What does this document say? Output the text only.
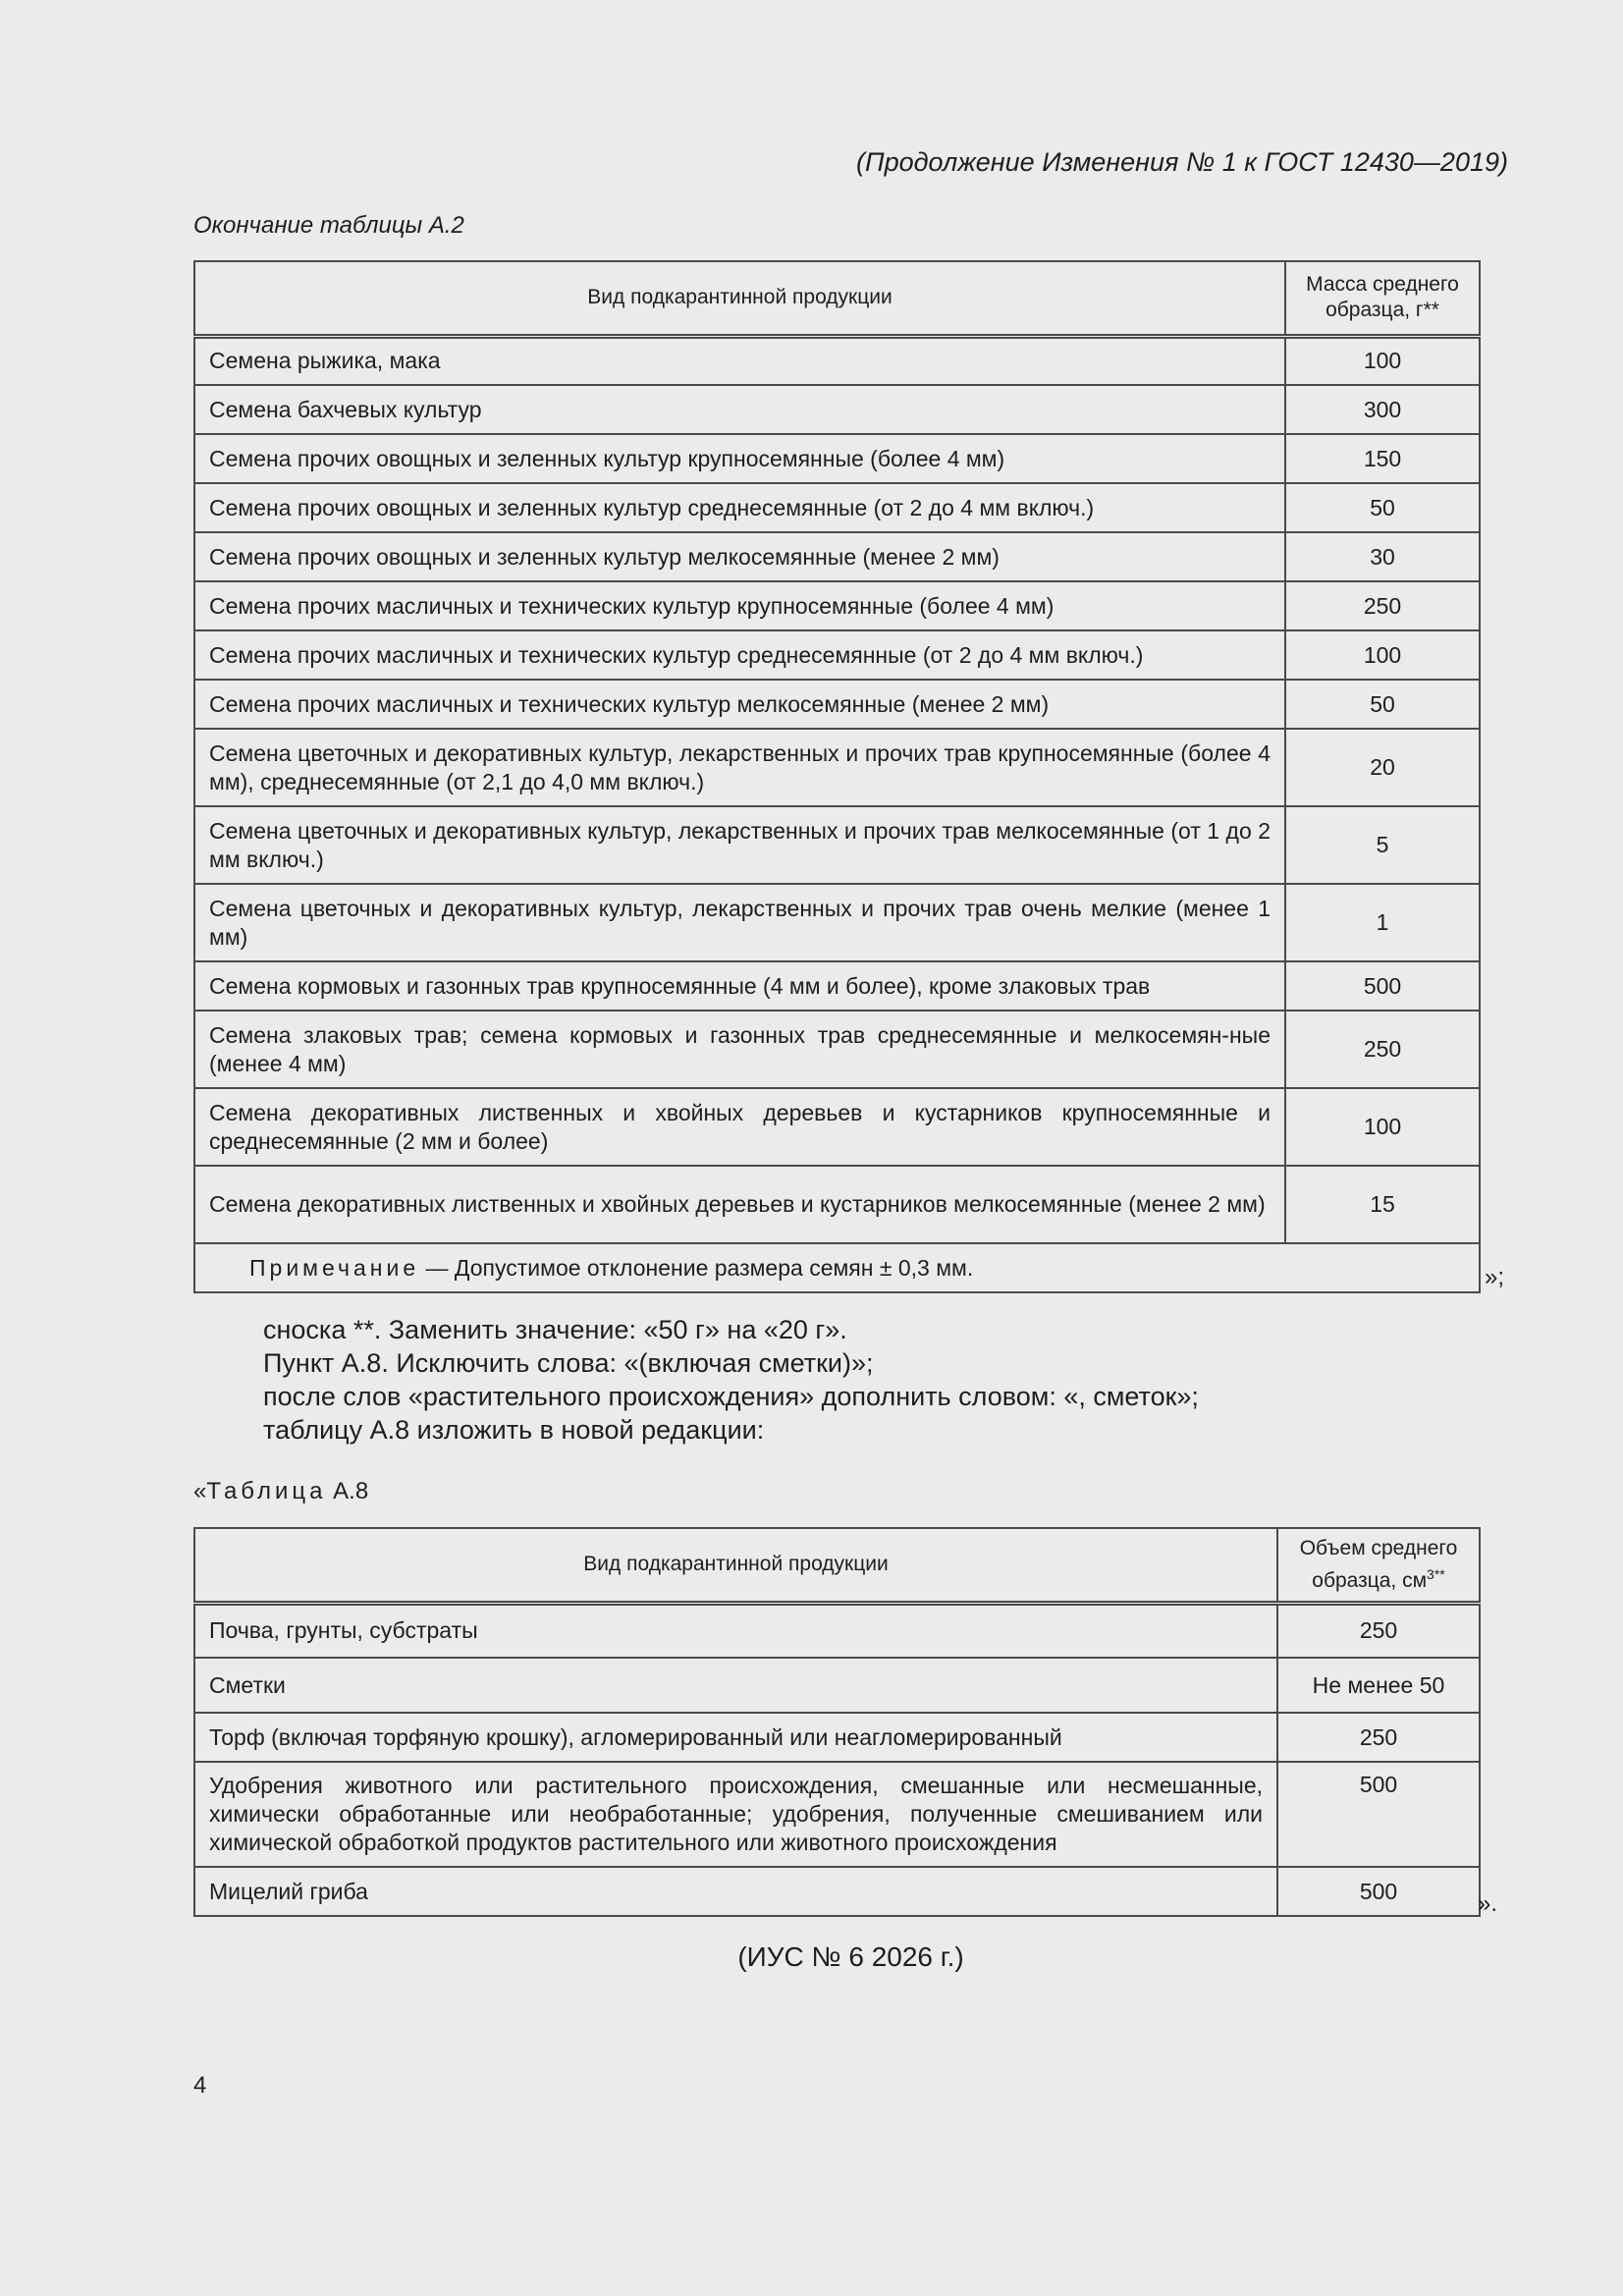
(Продолжение Изменения № 1 к ГОСТ 12430—2019)
Окончание таблицы А.2
Вид подкарантинной продукции	Масса среднего образца, г**
Семена рыжика, мака	100
Семена бахчевых культур	300
Семена прочих овощных и зеленных культур крупносемянные (более 4 мм)	150
Семена прочих овощных и зеленных культур среднесемянные (от 2 до 4 мм включ.)	50
Семена прочих овощных и зеленных культур мелкосемянные (менее 2 мм)	30
Семена прочих масличных и технических культур крупносемянные (более 4 мм)	250
Семена прочих масличных и технических культур среднесемянные (от 2 до 4 мм включ.)	100
Семена прочих масличных и технических культур мелкосемянные (менее 2 мм)	50
Семена цветочных и декоративных культур, лекарственных и прочих трав крупносемянные (более 4 мм), среднесемянные (от 2,1 до 4,0 мм включ.)	20
Семена цветочных и декоративных культур, лекарственных и прочих трав мелкосемянные (от 1 до 2 мм включ.)	5
Семена цветочных и декоративных культур, лекарственных и прочих трав очень мелкие (менее 1 мм)	1
Семена кормовых и газонных трав крупносемянные (4 мм и более), кроме злаковых трав	500
Семена злаковых трав; семена кормовых и газонных трав среднесемянные и мелкосемян-ные (менее 4 мм)	250
Семена декоративных лиственных и хвойных деревьев и кустарников крупносемянные и среднесемянные (2 мм и более)	100
Семена декоративных лиственных и хвойных деревьев и кустарников мелкосемянные (менее 2 мм)	15
Примечание — Допустимое отклонение размера семян ± 0,3 мм.		»;
сноска **. Заменить значение: «50 г» на «20 г».
Пункт А.8. Исключить слова: «(включая сметки)»;
после слов «растительного происхождения» дополнить словом: «, сметок»;
таблицу А.8 изложить в новой редакции:
«Таблица А.8
Вид подкарантинной продукции	Объем среднего образца, $см^{3**}$
Почва, грунты, субстраты	250
Сметки	Не менее 50
Торф (включая торфяную крошку), агломерированный или неагломерированный	250
Удобрения животного или растительного происхождения, смешанные или несмешанные, химически обработанные или необработанные; удобрения, полученные смешиванием или химической обработкой продуктов растительного или животного происхождения	500
Мицелий гриба	500	».
(ИУС № 6 2026 г.)
4
